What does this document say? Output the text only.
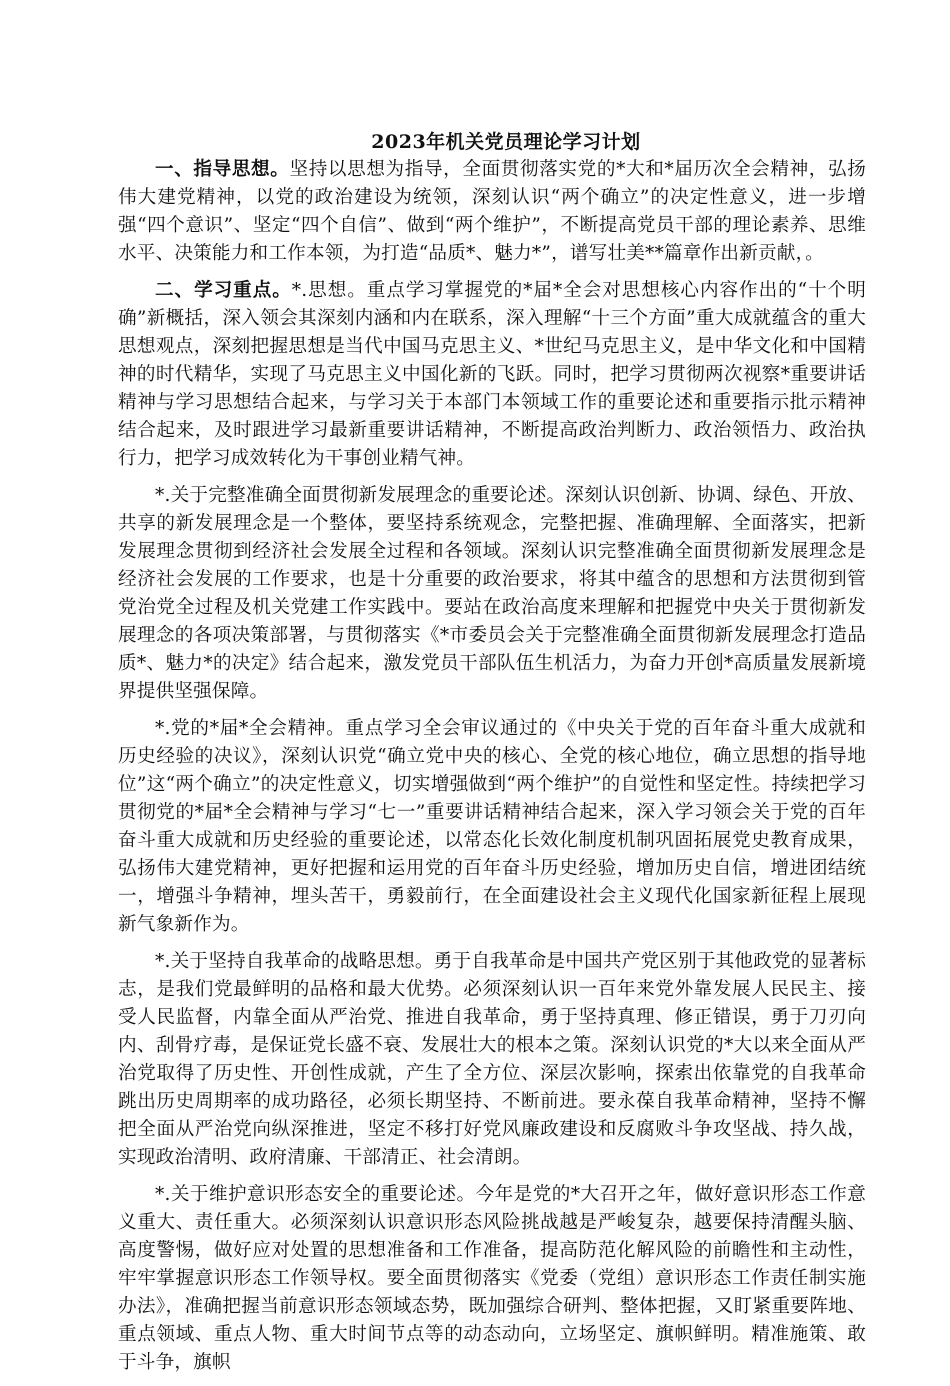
2023年机关党员理论学习计划

一、指导思想。坚持以思想为指导，全面贯彻落实党的*大和*届历次全会精神，弘扬伟大建党精神，以党的政治建设为统领，深刻认识“两个确立”的决定性意义，进一步增强“四个意识”、坚定“四个自信”、做到“两个维护”，不断提高党员干部的理论素养、思维水平、决策能力和工作本领，为打造“品质*、魅力*”，谱写壮美**篇章作出新贡献，。

二、学习重点。*.思想。重点学习掌握党的*届*全会对思想核心内容作出的“十个明确”新概括，深入领会其深刻内涵和内在联系，深入理解“十三个方面”重大成就蕴含的重大思想观点，深刻把握思想是当代中国马克思主义、*世纪马克思主义，是中华文化和中国精神的时代精华，实现了马克思主义中国化新的飞跃。同时，把学习贯彻两次视察*重要讲话精神与学习思想结合起来，与学习关于本部门本领域工作的重要论述和重要指示批示精神结合起来，及时跟进学习最新重要讲话精神，不断提高政治判断力、政治领悟力、政治执行力，把学习成效转化为干事创业精气神。

*.关于完整准确全面贯彻新发展理念的重要论述。深刻认识创新、协调、绿色、开放、共享的新发展理念是一个整体，要坚持系统观念，完整把握、准确理解、全面落实，把新发展理念贯彻到经济社会发展全过程和各领域。深刻认识完整准确全面贯彻新发展理念是经济社会发展的工作要求，也是十分重要的政治要求，将其中蕴含的思想和方法贯彻到管党治党全过程及机关党建工作实践中。要站在政治高度来理解和把握党中央关于贯彻新发展理念的各项决策部署，与贯彻落实《*市委员会关于完整准确全面贯彻新发展理念打造品质*、魅力*的决定》结合起来，激发党员干部队伍生机活力，为奋力开创*高质量发展新境界提供坚强保障。

*.党的*届*全会精神。重点学习全会审议通过的《中央关于党的百年奋斗重大成就和历史经验的决议》，深刻认识党“确立党中央的核心、全党的核心地位，确立思想的指导地位”这“两个确立”的决定性意义，切实增强做到“两个维护”的自觉性和坚定性。持续把学习贯彻党的*届*全会精神与学习“七一”重要讲话精神结合起来，深入学习领会关于党的百年奋斗重大成就和历史经验的重要论述，以常态化长效化制度机制巩固拓展党史教育成果，弘扬伟大建党精神，更好把握和运用党的百年奋斗历史经验，增加历史自信，增进团结统一，增强斗争精神，埋头苦干，勇毅前行，在全面建设社会主义现代化国家新征程上展现新气象新作为。

*.关于坚持自我革命的战略思想。勇于自我革命是中国共产党区别于其他政党的显著标志，是我们党最鲜明的品格和最大优势。必须深刻认识一百年来党外靠发展人民民主、接受人民监督，内靠全面从严治党、推进自我革命，勇于坚持真理、修正错误，勇于刀刃向内、刮骨疗毒，是保证党长盛不衰、发展壮大的根本之策。深刻认识党的*大以来全面从严治党取得了历史性、开创性成就，产生了全方位、深层次影响，探索出依靠党的自我革命跳出历史周期率的成功路径，必须长期坚持、不断前进。要永葆自我革命精神，坚持不懈把全面从严治党向纵深推进，坚定不移打好党风廉政建设和反腐败斗争攻坚战、持久战，实现政治清明、政府清廉、干部清正、社会清朗。

*.关于维护意识形态安全的重要论述。今年是党的*大召开之年，做好意识形态工作意义重大、责任重大。必须深刻认识意识形态风险挑战越是严峻复杂，越要保持清醒头脑、高度警惕，做好应对处置的思想准备和工作准备，提高防范化解风险的前瞻性和主动性，牢牢掌握意识形态工作领导权。要全面贯彻落实《党委（党组）意识形态工作责任制实施办法》，准确把握当前意识形态领域态势，既加强综合研判、整体把握，又盯紧重要阵地、重点领域、重点人物、重大时间节点等的动态动向，立场坚定、旗帜鲜明。精准施策、敢于斗争，旗帜
